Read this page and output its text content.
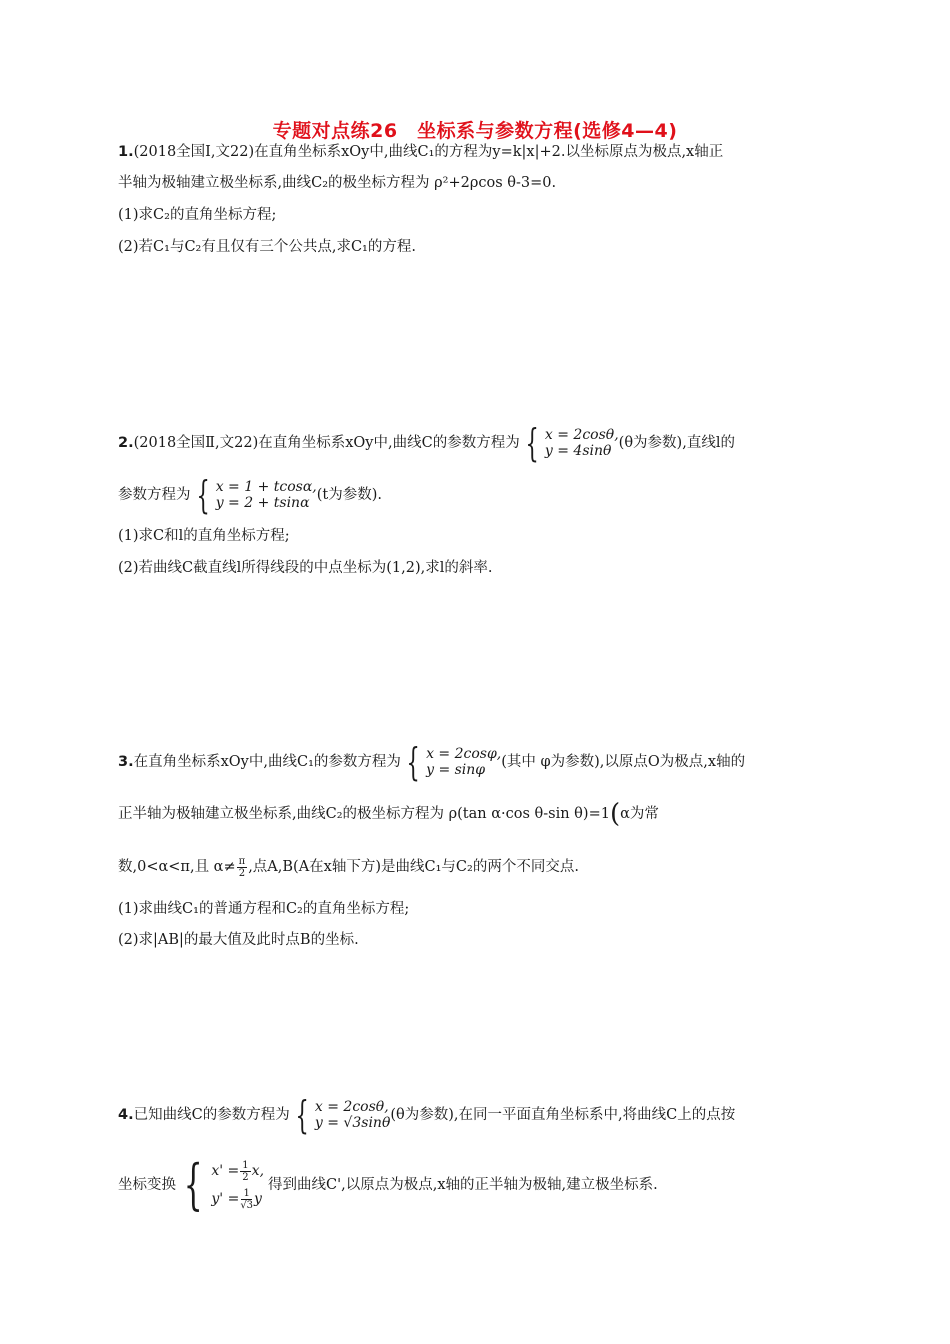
专题对点练26　坐标系与参数方程(选修4—4)
1.(2018全国Ⅰ,文22)在直角坐标系xOy中,曲线C₁的方程为y=k|x|+2.以坐标原点为极点,x轴正
半轴为极轴建立极坐标系,曲线C₂的极坐标方程为 ρ²+2ρcos θ-3=0.
(1)求C₂的直角坐标方程;
(2)若C₁与C₂有且仅有三个公共点,求C₁的方程.
2. (2018全国Ⅱ,文22)在直角坐标系xOy中,曲线C的参数方程为 { x = 2cosθ,
y = 4sinθ (θ为参数),直线l的
参数方程为 { x = 1 + tcosα,
y = 2 + tsinα (t为参数).
(1)求C和l的直角坐标方程;
(2)若曲线C截直线l所得线段的中点坐标为(1,2),求l的斜率.
3. 在直角坐标系xOy中,曲线C₁的参数方程为 { x = 2cosφ,
y = sinφ	(其中 φ为参数),以原点O为极点,x轴的
正半轴为极轴建立极坐标系,曲线C₂的极坐标方程为 ρ(tan α·cos θ-sin θ)=1(α为常
数,0<α<π,且 $\alpha\ne \frac{\pi}{2}$ ,点A,B(A在x轴下方)是曲线C₁与C₂的两个不同交点.
(1)求曲线C₁的普通方程和C₂的直角坐标方程;
(2)求|AB|的最大值及此时点B的坐标.
4. 已知曲线C的参数方程为 { x = 2cosθ,
y = √3sinθ (θ为参数),在同一平面直角坐标系中,将曲线C上的点按
坐标变换 { $x' = \frac{1}{2} x$,
$y' = \frac{1}{√3}$ y
得到曲线C',以原点为极点,x轴的正半轴为极轴,建立极坐标系.
